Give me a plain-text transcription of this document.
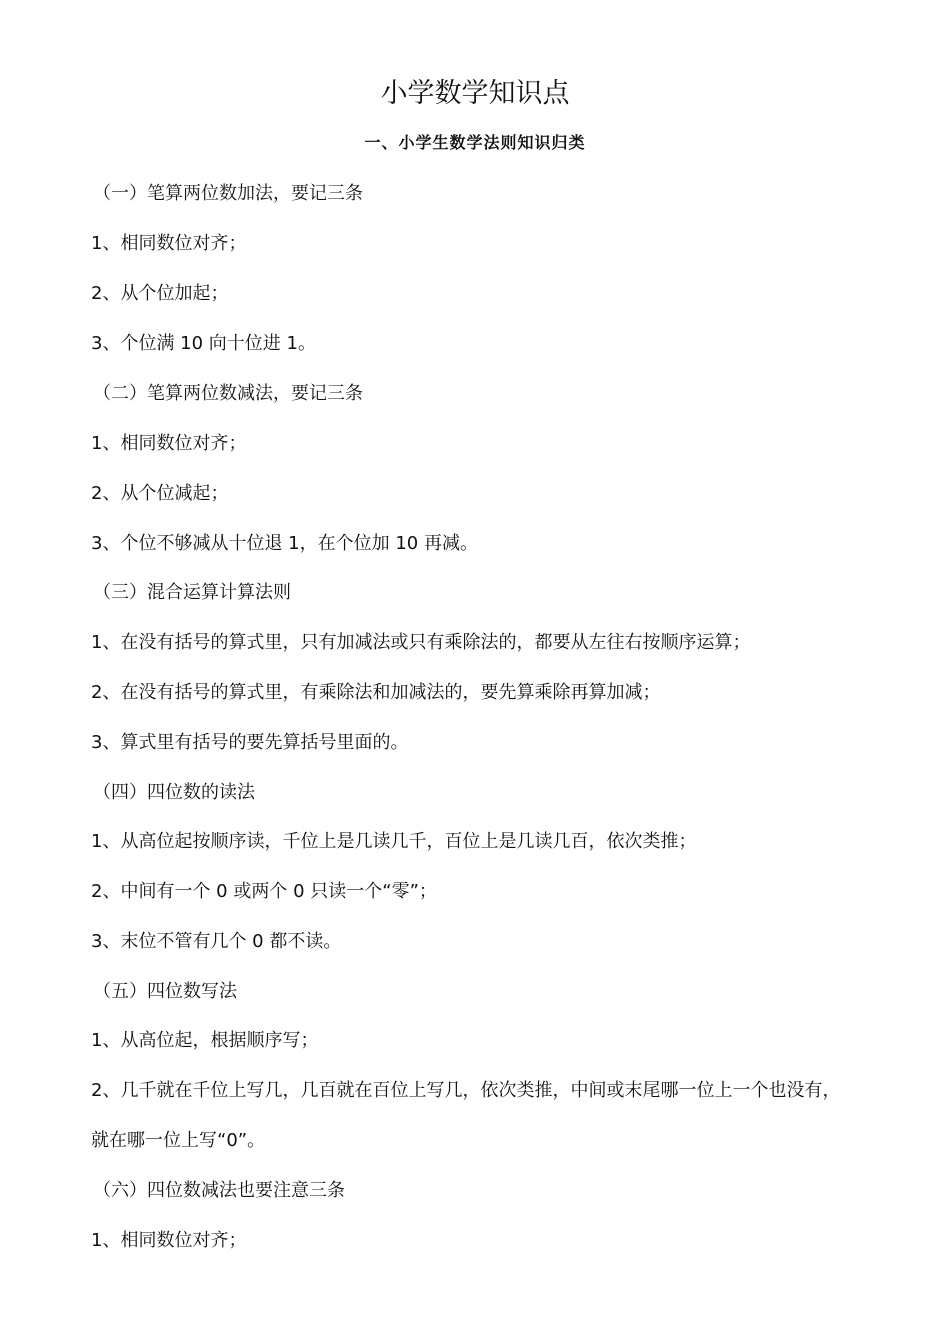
小学数学知识点
一、小学生数学法则知识归类
（一）笔算两位数加法，要记三条
1、相同数位对齐；
2、从个位加起；
3、个位满 10 向十位进 1。
（二）笔算两位数减法，要记三条
1、相同数位对齐；
2、从个位减起；
3、个位不够减从十位退 1，在个位加 10 再减。
（三）混合运算计算法则
1、在没有括号的算式里，只有加减法或只有乘除法的，都要从左往右按顺序运算；
2、在没有括号的算式里，有乘除法和加减法的，要先算乘除再算加减；
3、算式里有括号的要先算括号里面的。
（四）四位数的读法
1、从高位起按顺序读，千位上是几读几千，百位上是几读几百，依次类推；
2、中间有一个 0 或两个 0 只读一个“零”；
3、末位不管有几个 0 都不读。
（五）四位数写法
1、从高位起，根据顺序写；
2、几千就在千位上写几，几百就在百位上写几，依次类推，中间或末尾哪一位上一个也没有，
就在哪一位上写“0”。
（六）四位数减法也要注意三条
1、相同数位对齐；
